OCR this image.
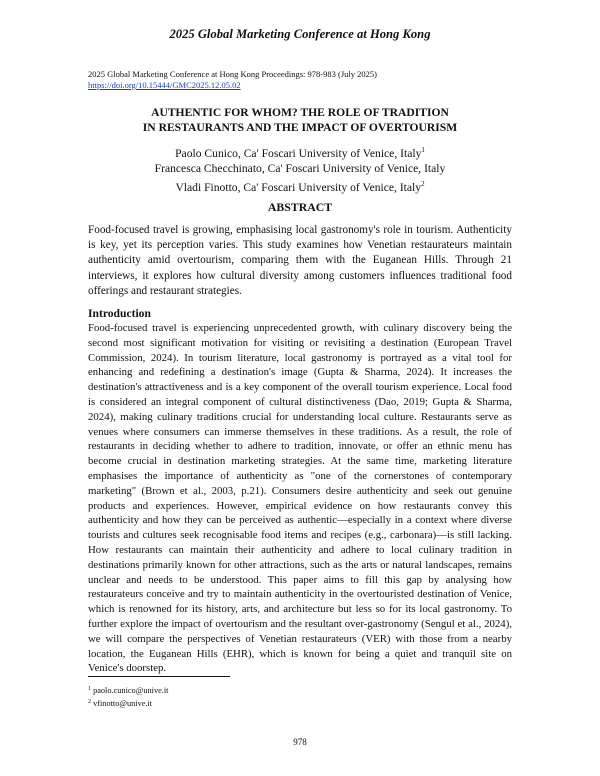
2025 Global Marketing Conference at Hong Kong
2025 Global Marketing Conference at Hong Kong Proceedings: 978-983 (July 2025)
https://doi.org/10.15444/GMC2025.12.05.02
AUTHENTIC FOR WHOM? THE ROLE OF TRADITION
IN RESTAURANTS AND THE IMPACT OF OVERTOURISM
Paolo Cunico, Ca' Foscari University of Venice, Italy$^1$
Francesca Checchinato, Ca' Foscari University of Venice, Italy
Vladi Finotto, Ca' Foscari University of Venice, Italy$^2$
ABSTRACT

Food-focused travel is growing, emphasising local gastronomy's role in tourism. Authenticity is key, yet its perception varies. This study examines how Venetian restaurateurs maintain authenticity amid overtourism, comparing them with the Euganean Hills. Through 21 interviews, it explores how cultural diversity among customers influences traditional food offerings and restaurant strategies.

Introduction

Food-focused travel is experiencing unprecedented growth, with culinary discovery being the second most significant motivation for visiting or revisiting a destination (European Travel Commission, 2024). In tourism literature, local gastronomy is portrayed as a vital tool for enhancing and redefining a destination's image (Gupta & Sharma, 2024). It increases the destination's attractiveness and is a key component of the overall tourism experience. Local food is considered an integral component of cultural distinctiveness (Dao, 2019; Gupta & Sharma, 2024), making culinary traditions crucial for understanding local culture. Restaurants serve as venues where consumers can immerse themselves in these traditions. As a result, the role of restaurants in deciding whether to adhere to tradition, innovate, or offer an ethnic menu has become crucial in destination marketing strategies. At the same time, marketing literature emphasises the importance of authenticity as "one of the cornerstones of contemporary marketing" (Brown et al., 2003, p.21). Consumers desire authenticity and seek out genuine products and experiences. However, empirical evidence on how restaurants convey this authenticity and how they can be perceived as authentic—especially in a context where diverse tourists and cultures seek recognisable food items and recipes (e.g., carbonara)—is still lacking. How restaurants can maintain their authenticity and adhere to local culinary tradition in destinations primarily known for other attractions, such as the arts or natural landscapes, remains unclear and needs to be understood. This paper aims to fill this gap by analysing how restaurateurs conceive and try to maintain authenticity in the overtouristed destination of Venice, which is renowned for its history, arts, and architecture but less so for its local gastronomy. To further explore the impact of overtourism and the resultant over-gastronomy (Sengul et al., 2024), we will compare the perspectives of Venetian restaurateurs (VER) with those from a nearby location, the Euganean Hills (EHR), which is known for being a quiet and tranquil site on Venice's doorstep.

$^1$ paolo.cunico@unive.it
$^2$ vfinotto@unive.it
978
